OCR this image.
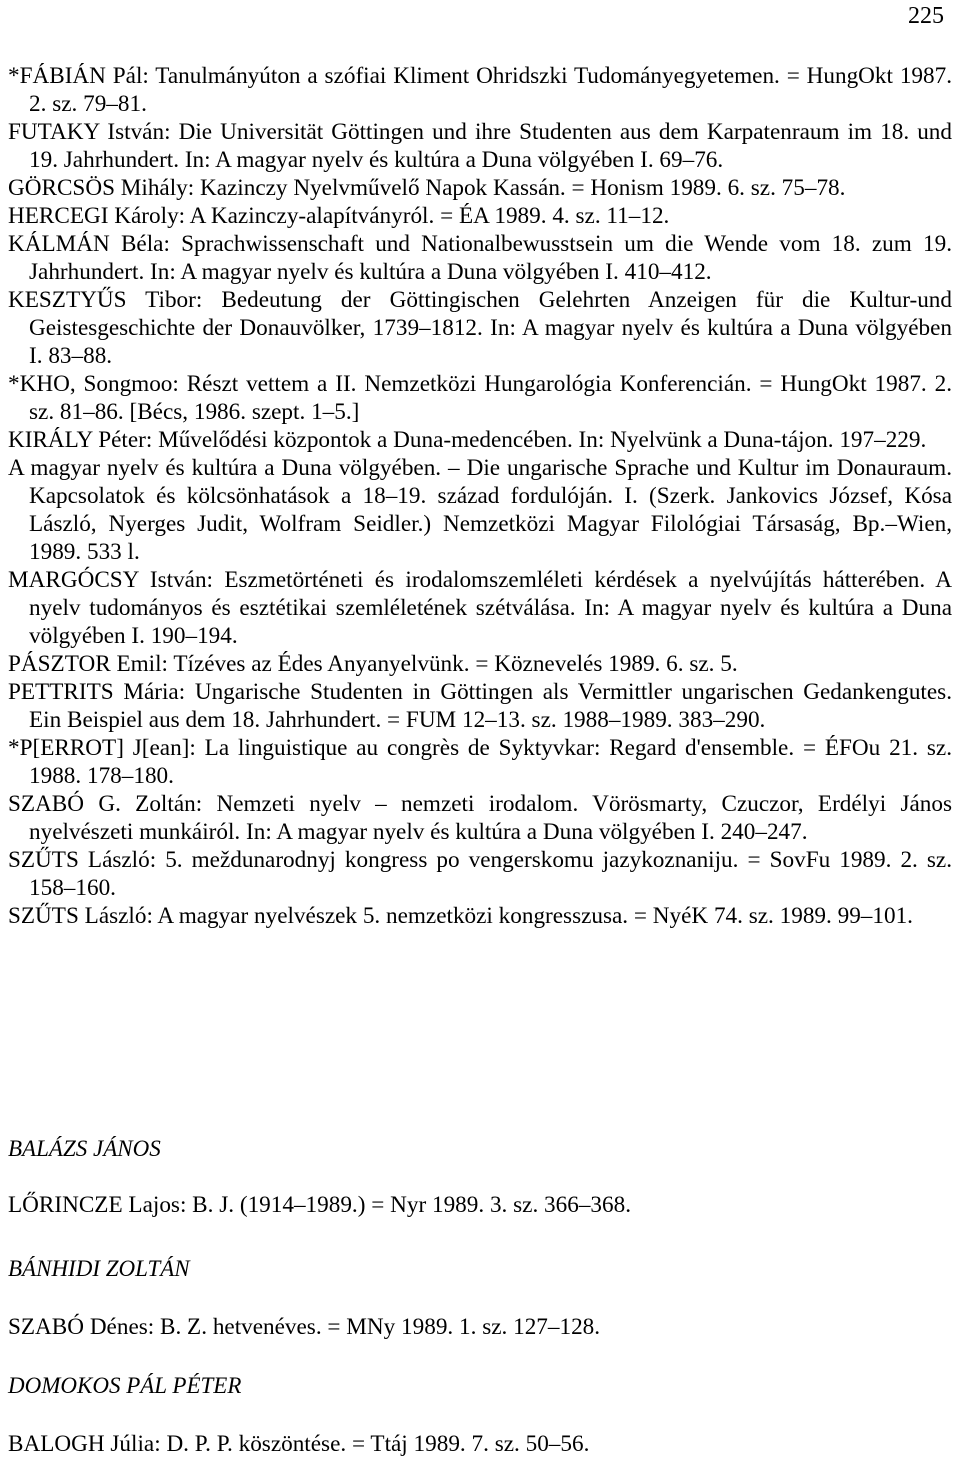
225

*FÁBIÁN Pál: Tanulmányúton a szófiai Kliment Ohridszki Tudományegyetemen. = HungOkt 1987. 2. sz. 79–81.

FUTAKY István: Die Universität Göttingen und ihre Studenten aus dem Karpatenraum im 18. und 19. Jahrhundert. In: A magyar nyelv és kultúra a Duna völgyében I. 69–76.

GÖRCSÖS Mihály: Kazinczy Nyelvművelő Napok Kassán. = Honism 1989. 6. sz. 75–78.

HERCEGI Károly: A Kazinczy-alapítványról. = ÉA 1989. 4. sz. 11–12.

KÁLMÁN Béla: Sprachwissenschaft und Nationalbewusstsein um die Wende vom 18. zum 19. Jahrhundert. In: A magyar nyelv és kultúra a Duna völgyében I. 410–412.

KESZTYŰS Tibor: Bedeutung der Göttingischen Gelehrten Anzeigen für die Kultur-und Geistesgeschichte der Donauvölker, 1739–1812. In: A magyar nyelv és kultúra a Duna völgyében I. 83–88.

*KHO, Songmoo: Részt vettem a II. Nemzetközi Hungarológia Konferencián. = HungOkt 1987. 2. sz. 81–86. [Bécs, 1986. szept. 1–5.]

KIRÁLY Péter: Művelődési központok a Duna-medencében. In: Nyelvünk a Duna-tájon. 197–229.

A magyar nyelv és kultúra a Duna völgyében. – Die ungarische Sprache und Kultur im Donauraum. Kapcsolatok és kölcsönhatások a 18–19. század fordulóján. I. (Szerk. Jankovics József, Kósa László, Nyerges Judit, Wolfram Seidler.) Nemzetközi Magyar Filológiai Társaság, Bp.–Wien, 1989. 533 l.

MARGÓCSY István: Eszmetörténeti és irodalomszemléleti kérdések a nyelvújítás hátterében. A nyelv tudományos és esztétikai szemléletének szétválása. In: A magyar nyelv és kultúra a Duna völgyében I. 190–194.

PÁSZTOR Emil: Tízéves az Édes Anyanyelvünk. = Köznevelés 1989. 6. sz. 5.

PETTRITS Mária: Ungarische Studenten in Göttingen als Vermittler ungarischen Gedankengutes. Ein Beispiel aus dem 18. Jahrhundert. = FUM 12–13. sz. 1988–1989. 383–290.

*P[ERROT] J[ean]: La linguistique au congrès de Syktyvkar: Regard d'ensemble. = ÉFOu 21. sz. 1988. 178–180.

SZABÓ G. Zoltán: Nemzeti nyelv – nemzeti irodalom. Vörösmarty, Czuczor, Erdélyi János nyelvészeti munkáiról. In: A magyar nyelv és kultúra a Duna völgyében I. 240–247.

SZŰTS László: 5. meždunarodnyj kongress po vengerskomu jazykoznaniju. = SovFu 1989. 2. sz. 158–160.

SZŰTS László: A magyar nyelvészek 5. nemzetközi kongresszusa. = NyéK 74. sz. 1989. 99–101.

BALÁZS JÁNOS

LŐRINCZE Lajos: B. J. (1914–1989.) = Nyr 1989. 3. sz. 366–368.

BÁNHIDI ZOLTÁN

SZABÓ Dénes: B. Z. hetvenéves. = MNy 1989. 1. sz. 127–128.

DOMOKOS PÁL PÉTER

BALOGH Júlia: D. P. P. köszöntése. = Ttáj 1989. 7. sz. 50–56.
